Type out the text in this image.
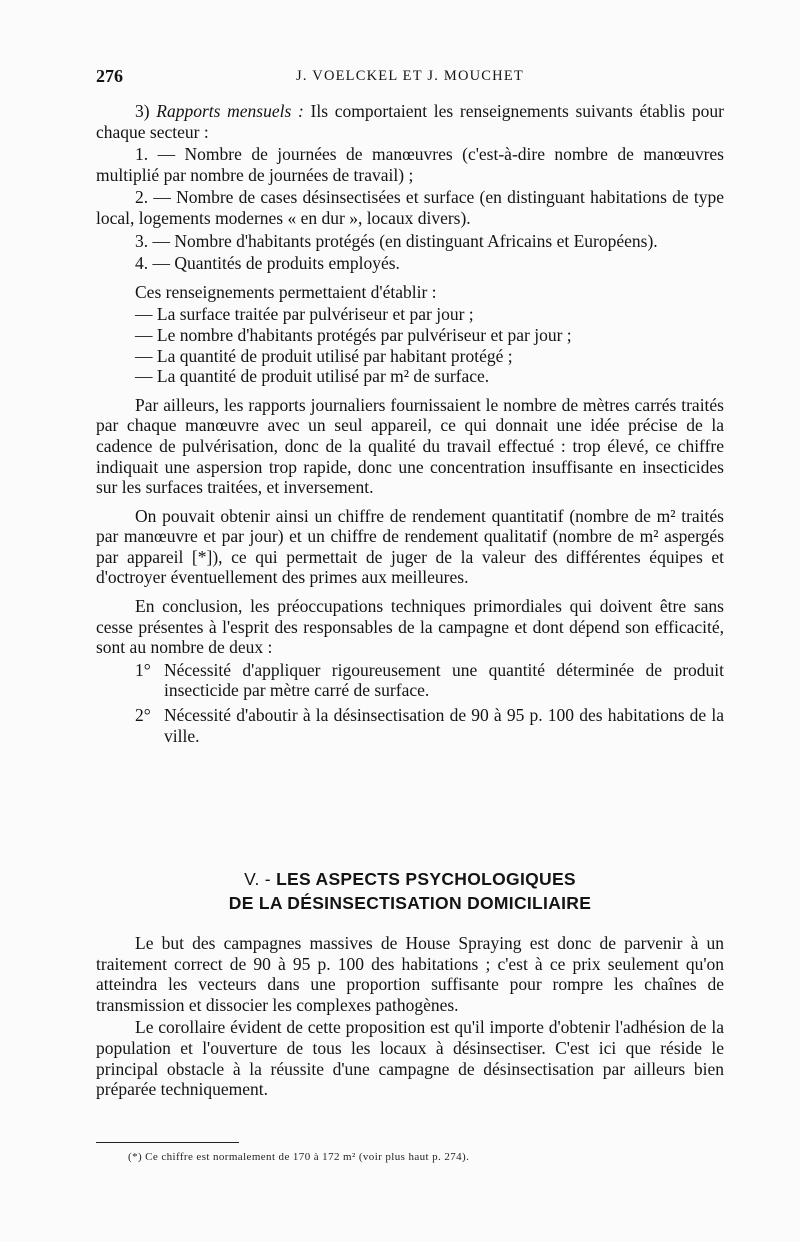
276	J. VOELCKEL ET J. MOUCHET

3) Rapports mensuels : Ils comportaient les renseignements suivants établis pour chaque secteur :

1. — Nombre de journées de manœuvres (c'est-à-dire nombre de manœuvres multiplié par nombre de journées de travail) ;

2. — Nombre de cases désinsectisées et surface (en distinguant habitations de type local, logements modernes « en dur », locaux divers).

3. — Nombre d'habitants protégés (en distinguant Africains et Européens).

4. — Quantités de produits employés.

Ces renseignements permettaient d'établir :

— La surface traitée par pulvériseur et par jour ;
— Le nombre d'habitants protégés par pulvériseur et par jour ;
— La quantité de produit utilisé par habitant protégé ;
— La quantité de produit utilisé par m² de surface.

Par ailleurs, les rapports journaliers fournissaient le nombre de mètres carrés traités par chaque manœuvre avec un seul appareil, ce qui donnait une idée précise de la cadence de pulvérisation, donc de la qualité du travail effectué : trop élevé, ce chiffre indiquait une aspersion trop rapide, donc une concentration insuffisante en insecticides sur les surfaces traitées, et inversement.

On pouvait obtenir ainsi un chiffre de rendement quantitatif (nombre de m² traités par manœuvre et par jour) et un chiffre de rendement qualitatif (nombre de m² aspergés par appareil [*]), ce qui permettait de juger de la valeur des différentes équipes et d'octroyer éventuellement des primes aux meilleures.

En conclusion, les préoccupations techniques primordiales qui doivent être sans cesse présentes à l'esprit des responsables de la campagne et dont dépend son efficacité, sont au nombre de deux :

1° Nécessité d'appliquer rigoureusement une quantité déterminée de produit insecticide par mètre carré de surface.
2° Nécessité d'aboutir à la désinsectisation de 90 à 95 p. 100 des habitations de la ville.
V. - LES ASPECTS PSYCHOLOGIQUES
DE LA DÉSINSECTISATION DOMICILIAIRE

Le but des campagnes massives de House Spraying est donc de parvenir à un traitement correct de 90 à 95 p. 100 des habitations ; c'est à ce prix seulement qu'on atteindra les vecteurs dans une proportion suffisante pour rompre les chaînes de transmission et dissocier les complexes pathogènes.

Le corollaire évident de cette proposition est qu'il importe d'obtenir l'adhésion de la population et l'ouverture de tous les locaux à désinsectiser. C'est ici que réside le principal obstacle à la réussite d'une campagne de désinsectisation par ailleurs bien préparée techniquement.

(*) Ce chiffre est normalement de 170 à 172 m² (voir plus haut p. 274).
